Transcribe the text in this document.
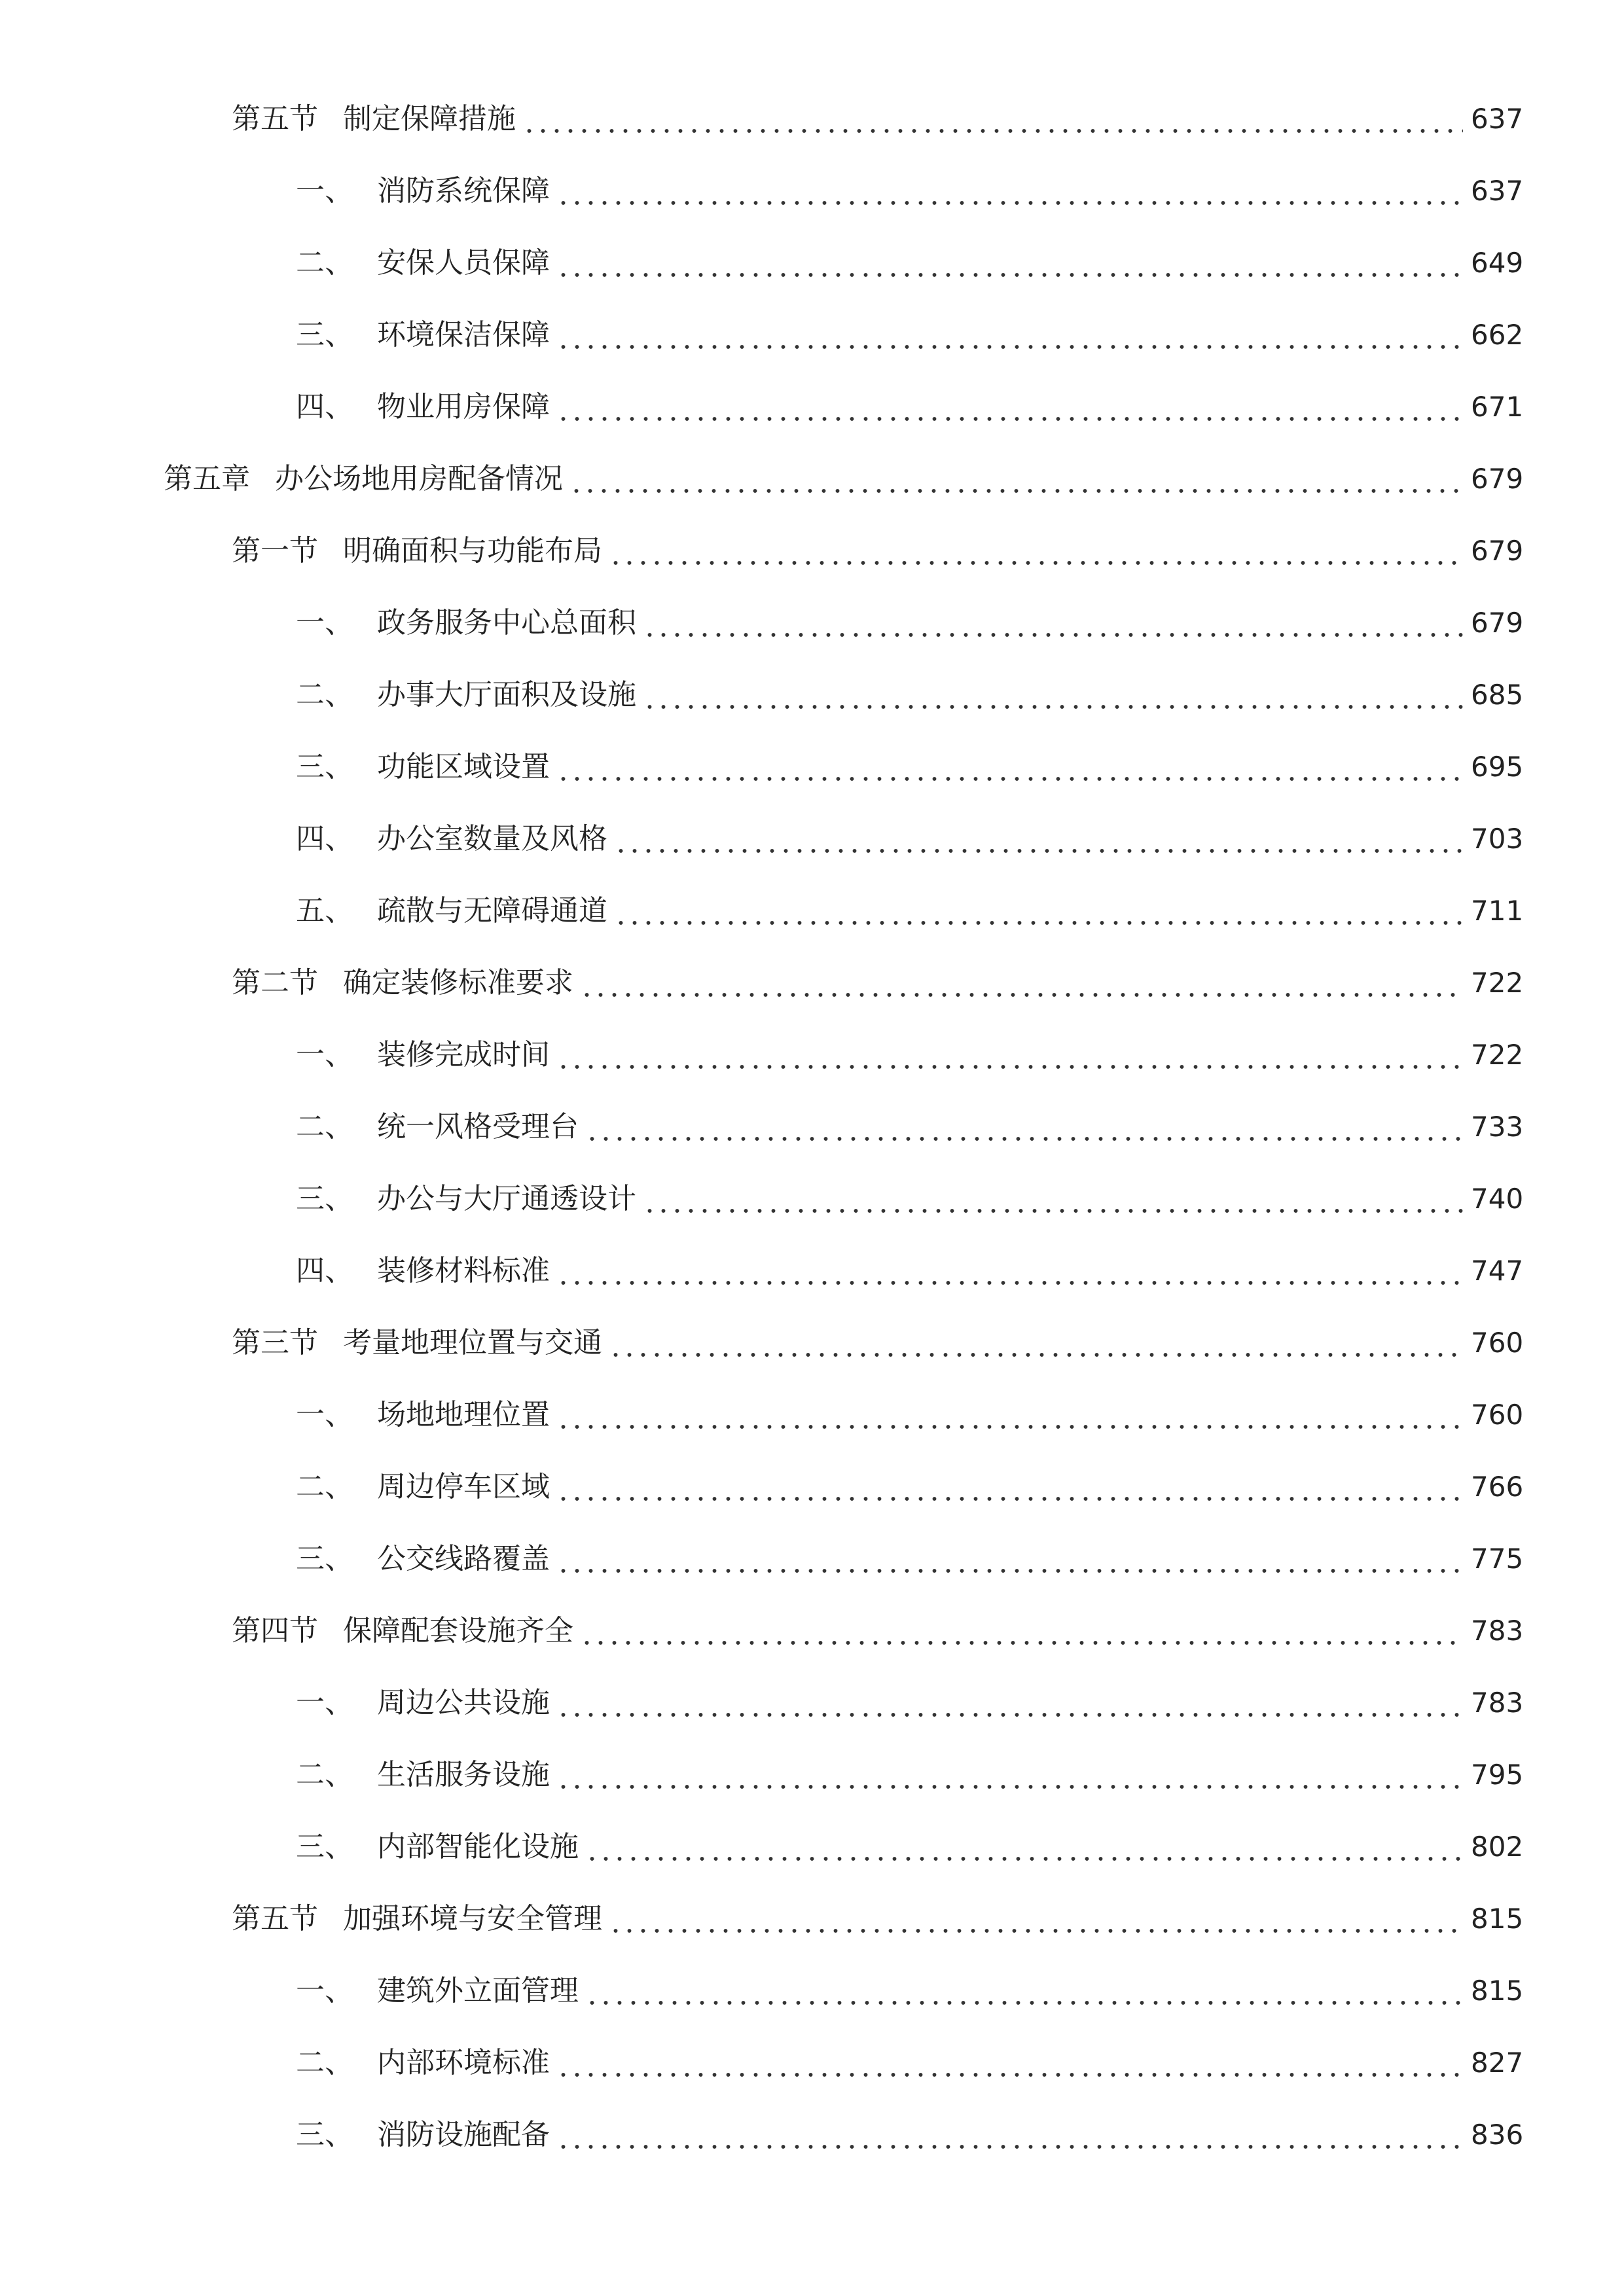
第五节 制定保障措施	637
一、 消防系统保障	637
二、 安保人员保障	649
三、 环境保洁保障	662
四、 物业用房保障	671
第五章 办公场地用房配备情况	679
第一节 明确面积与功能布局	679
一、 政务服务中心总面积	679
二、 办事大厅面积及设施	685
三、 功能区域设置	695
四、 办公室数量及风格	703
五、 疏散与无障碍通道	711
第二节 确定装修标准要求	722
一、 装修完成时间	722
二、 统一风格受理台	733
三、 办公与大厅通透设计	740
四、 装修材料标准	747
第三节 考量地理位置与交通	760
一、 场地地理位置	760
二、 周边停车区域	766
三、 公交线路覆盖	775
第四节 保障配套设施齐全	783
一、 周边公共设施	783
二、 生活服务设施	795
三、 内部智能化设施	802
第五节 加强环境与安全管理	815
一、 建筑外立面管理	815
二、 内部环境标准	827
三、 消防设施配备	836
